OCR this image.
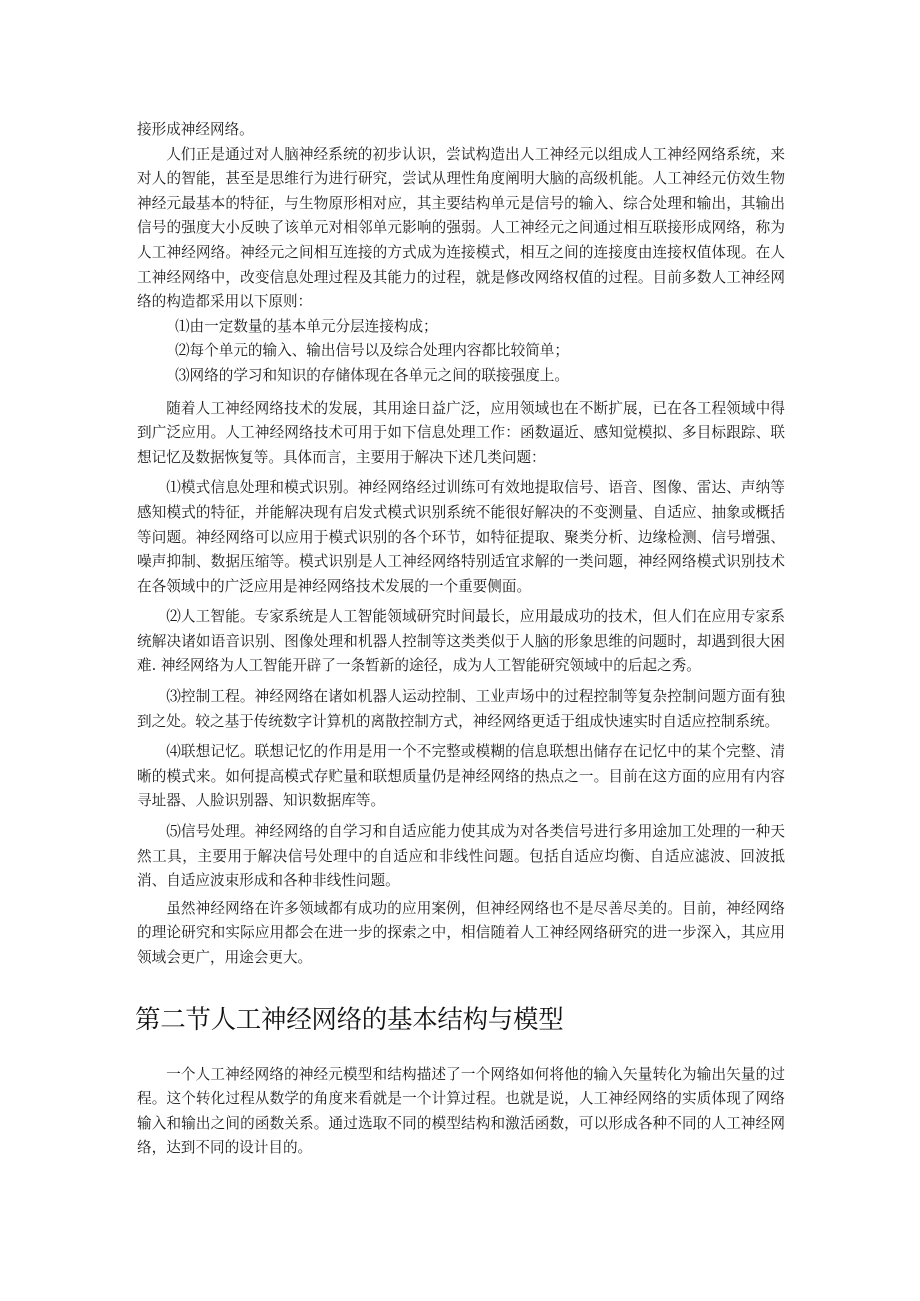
接形成神经网络。

人们正是通过对人脑神经系统的初步认识，尝试构造出人工神经元以组成人工神经网络系统，来对人的智能，甚至是思维行为进行研究，尝试从理性角度阐明大脑的高级机能。人工神经元仿效生物神经元最基本的特征，与生物原形相对应，其主要结构单元是信号的输入、综合处理和输出，其输出信号的强度大小反映了该单元对相邻单元影响的强弱。人工神经元之间通过相互联接形成网络，称为人工神经网络。神经元之间相互连接的方式成为连接模式，相互之间的连接度由连接权值体现。在人工神经网络中，改变信息处理过程及其能力的过程，就是修改网络权值的过程。目前多数人工神经网络的构造都采用以下原则：

⑴由一定数量的基本单元分层连接构成；

⑵每个单元的输入、输出信号以及综合处理内容都比较简单；

⑶网络的学习和知识的存储体现在各单元之间的联接强度上。

随着人工神经网络技术的发展，其用途日益广泛，应用领域也在不断扩展，已在各工程领域中得到广泛应用。人工神经网络技术可用于如下信息处理工作：函数逼近、感知觉模拟、多目标跟踪、联想记忆及数据恢复等。具体而言，主要用于解决下述几类问题：

⑴模式信息处理和模式识别。神经网络经过训练可有效地提取信号、语音、图像、雷达、声纳等感知模式的特征，并能解决现有启发式模式识别系统不能很好解决的不变测量、自适应、抽象或概括等问题。神经网络可以应用于模式识别的各个环节，如特征提取、聚类分析、边缘检测、信号增强、噪声抑制、数据压缩等。模式识别是人工神经网络特别适宜求解的一类问题，神经网络模式识别技术在各领域中的广泛应用是神经网络技术发展的一个重要侧面。

⑵人工智能。专家系统是人工智能领域研究时间最长，应用最成功的技术，但人们在应用专家系统解决诸如语音识别、图像处理和机器人控制等这类类似于人脑的形象思维的问题时，却遇到很大困难. 神经网络为人工智能开辟了一条暂新的途径，成为人工智能研究领域中的后起之秀。

⑶控制工程。神经网络在诸如机器人运动控制、工业声场中的过程控制等复杂控制问题方面有独到之处。较之基于传统数字计算机的离散控制方式，神经网络更适于组成快速实时自适应控制系统。

⑷联想记忆。联想记忆的作用是用一个不完整或模糊的信息联想出储存在记忆中的某个完整、清晰的模式来。如何提高模式存贮量和联想质量仍是神经网络的热点之一。目前在这方面的应用有内容寻址器、人脸识别器、知识数据库等。

⑸信号处理。神经网络的自学习和自适应能力使其成为对各类信号进行多用途加工处理的一种天然工具，主要用于解决信号处理中的自适应和非线性问题。包括自适应均衡、自适应滤波、回波抵消、自适应波束形成和各种非线性问题。

虽然神经网络在许多领域都有成功的应用案例，但神经网络也不是尽善尽美的。目前，神经网络的理论研究和实际应用都会在进一步的探索之中，相信随着人工神经网络研究的进一步深入，其应用领域会更广，用途会更大。

第二节人工神经网络的基本结构与模型

一个人工神经网络的神经元模型和结构描述了一个网络如何将他的输入矢量转化为输出矢量的过程。这个转化过程从数学的角度来看就是一个计算过程。也就是说，人工神经网络的实质体现了网络输入和输出之间的函数关系。通过选取不同的模型结构和激活函数，可以形成各种不同的人工神经网络，达到不同的设计目的。
